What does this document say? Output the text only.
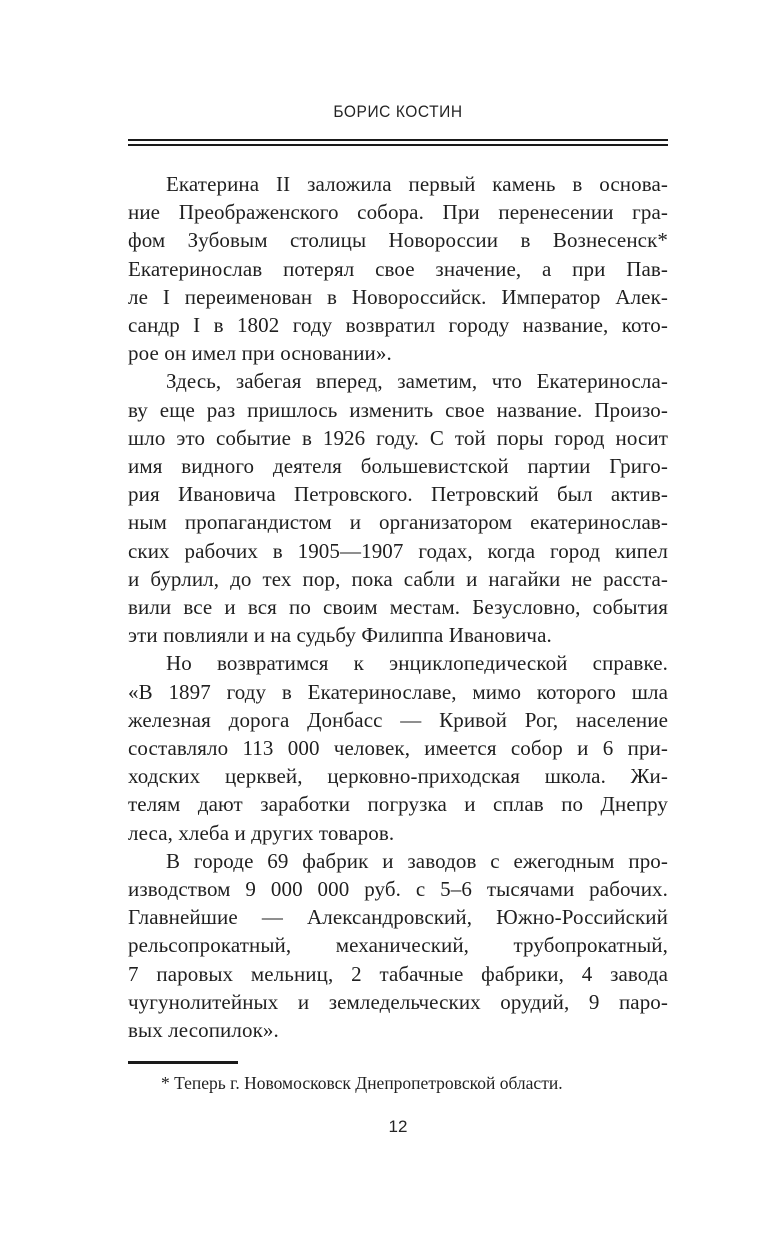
БОРИС КОСТИН
Екатерина II заложила первый камень в основа-
ние Преображенского собора. При перенесении гра-
фом Зубовым столицы Новороссии в Вознесенск*
Екатеринослав потерял свое значение, а при Пав-
ле I переименован в Новороссийск. Император Алек-
сандр I в 1802 году возвратил городу название, кото-
рое он имел при основании».
Здесь, забегая вперед, заметим, что Екатериносла-
ву еще раз пришлось изменить свое название. Произо-
шло это событие в 1926 году. С той поры город носит
имя видного деятеля большевистской партии Григо-
рия Ивановича Петровского. Петровский был актив-
ным пропагандистом и организатором екатеринослав-
ских рабочих в 1905—1907 годах, когда город кипел
и бурлил, до тех пор, пока сабли и нагайки не расста-
вили все и вся по своим местам. Безусловно, события
эти повлияли и на судьбу Филиппа Ивановича.
Но возвратимся к энциклопедической справке.
«В 1897 году в Екатеринославе, мимо которого шла
железная дорога Донбасс — Кривой Рог, население
составляло 113 000 человек, имеется собор и 6 при-
ходских церквей, церковно-приходская школа. Жи-
телям дают заработки погрузка и сплав по Днепру
леса, хлеба и других товаров.
В городе 69 фабрик и заводов с ежегодным про-
изводством 9 000 000 руб. с 5–6 тысячами рабочих.
Главнейшие — Александровский, Южно-Российский
рельсопрокатный, механический, трубопрокатный,
7 паровых мельниц, 2 табачные фабрики, 4 завода
чугунолитейных и земледельческих орудий, 9 паро-
вых лесопилок».
* Теперь г. Новомосковск Днепропетровской области.
12
